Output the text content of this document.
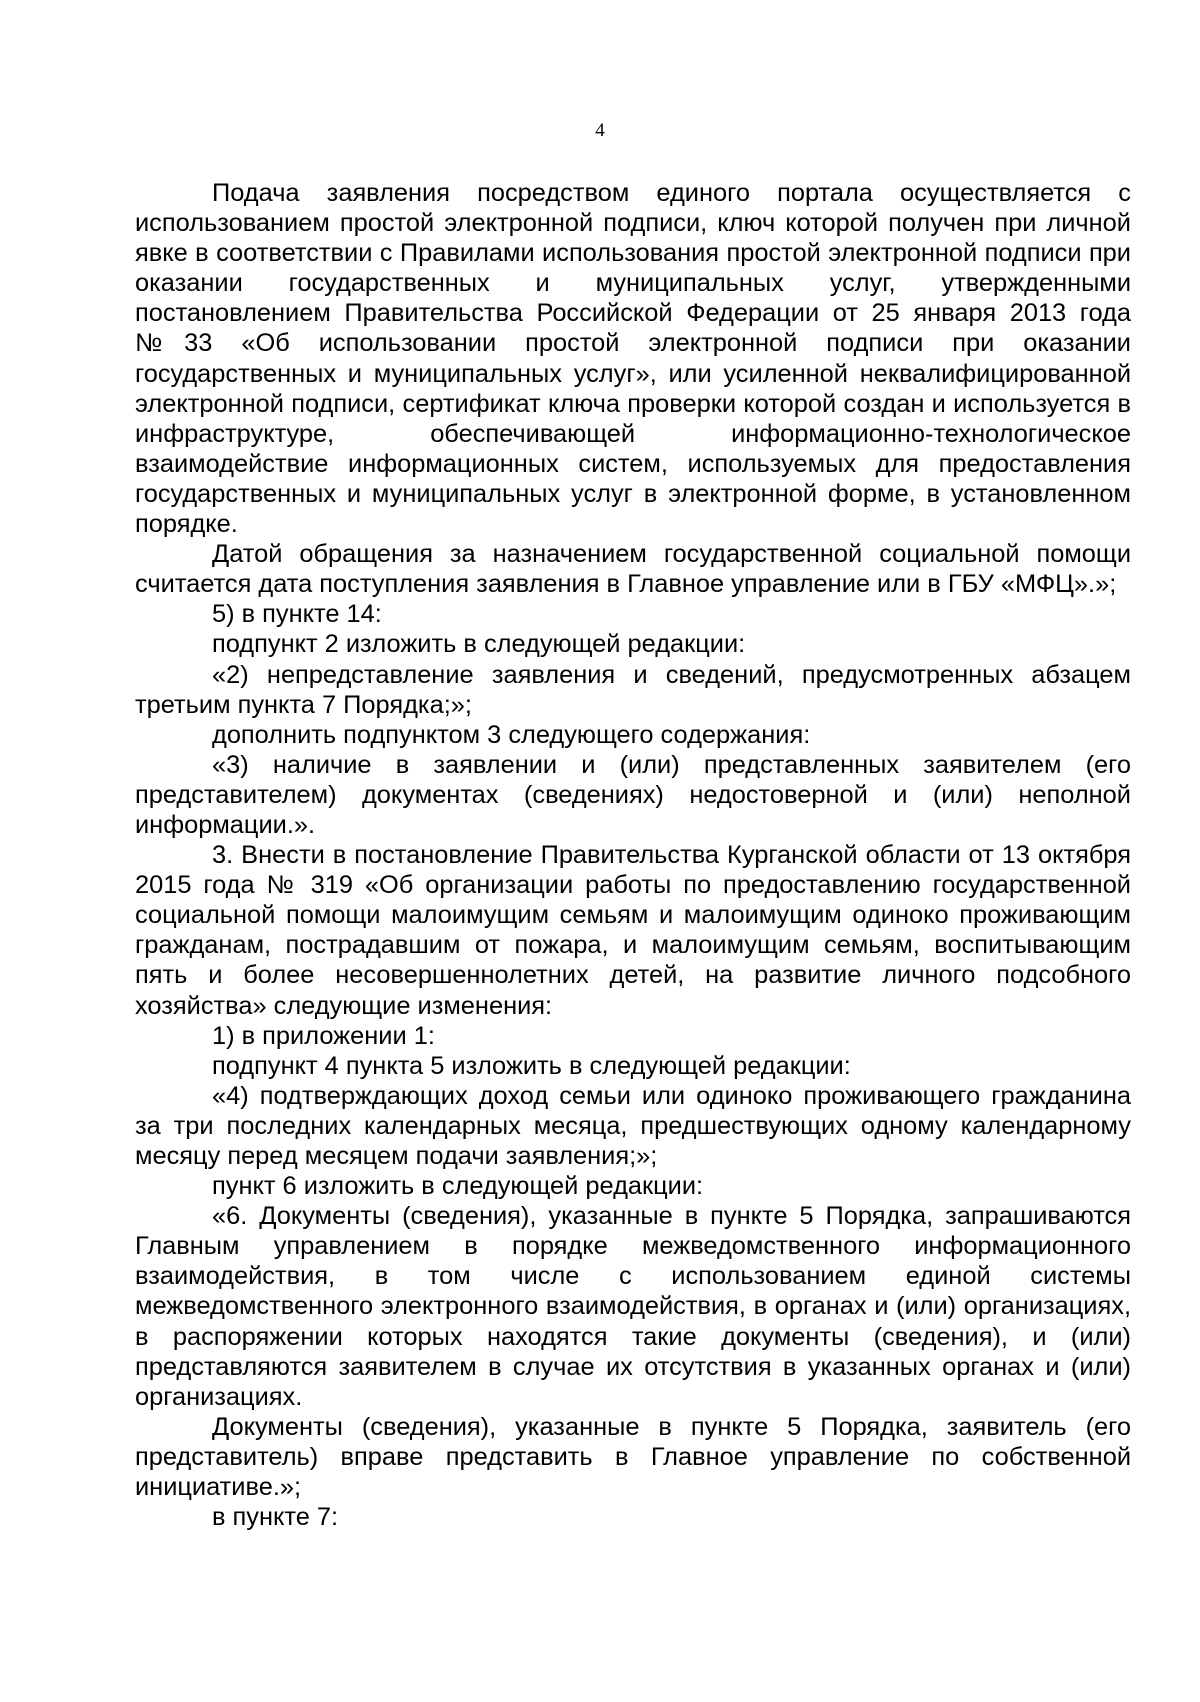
4

Подача заявления посредством единого портала осуществляется с использованием простой электронной подписи, ключ которой получен при личной явке в соответствии с Правилами использования простой электронной подписи при оказании государственных и муниципальных услуг, утвержденными постановлением Правительства Российской Федерации от 25 января 2013 года №33 «Об использовании простой электронной подписи при оказании государственных и муниципальных услуг», или усиленной неквалифицированной электронной подписи, сертификат ключа проверки которой создан и используется в инфраструктуре, обеспечивающей информационно-технологическое взаимодействие информационных систем, используемых для предоставления государственных и муниципальных услуг в электронной форме, в установленном порядке.

Датой обращения за назначением государственной социальной помощи считается дата поступления заявления в Главное управление или в ГБУ «МФЦ».»;

5) в пункте 14:

подпункт 2 изложить в следующей редакции:

«2) непредставление заявления и сведений, предусмотренных абзацем третьим пункта 7 Порядка;»;

дополнить подпунктом 3 следующего содержания:

«3) наличие в заявлении и (или) представленных заявителем (его представителем) документах (сведениях) недостоверной и (или) неполной информации.».

3. Внести в постановление Правительства Курганской области от 13 октября 2015 года № 319 «Об организации работы по предоставлению государственной социальной помощи малоимущим семьям и малоимущим одиноко проживающим гражданам, пострадавшим от пожара, и малоимущим семьям, воспитывающим пять и более несовершеннолетних детей, на развитие личного подсобного хозяйства» следующие изменения:

1) в приложении 1:

подпункт 4 пункта 5 изложить в следующей редакции:

«4) подтверждающих доход семьи или одиноко проживающего гражданина за три последних календарных месяца, предшествующих одному календарному месяцу перед месяцем подачи заявления;»;

пункт 6 изложить в следующей редакции:

«6. Документы (сведения), указанные в пункте 5 Порядка, запрашиваются Главным управлением в порядке межведомственного информационного взаимодействия, в том числе с использованием единой системы межведомственного электронного взаимодействия, в органах и (или) организациях, в распоряжении которых находятся такие документы (сведения), и (или) представляются заявителем в случае их отсутствия в указанных органах и (или) организациях.

Документы (сведения), указанные в пункте 5 Порядка, заявитель (его представитель) вправе представить в Главное управление по собственной инициативе.»;

в пункте 7:
